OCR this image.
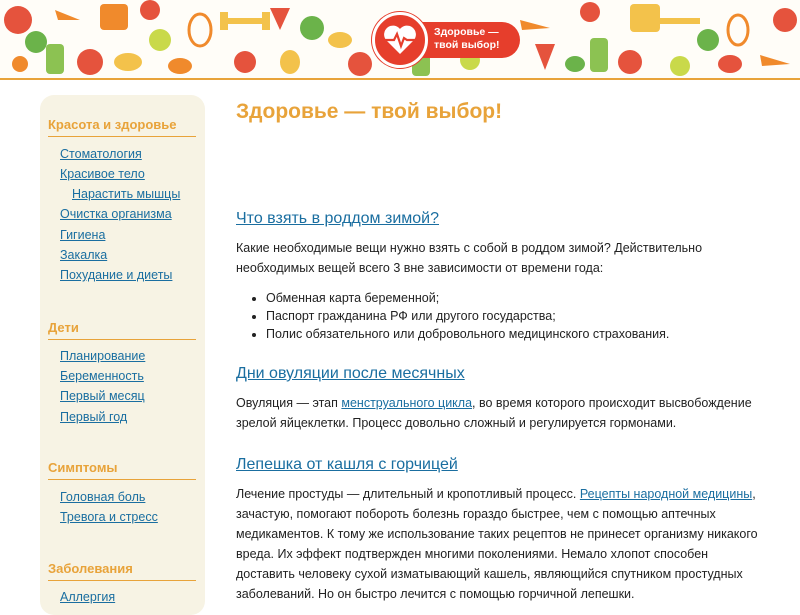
Здоровье —
твой выбор!
Красота и здоровье
Стоматология
Красивое тело
Нарастить мышцы
Очистка организма
Гигиена
Закалка
Похудание и диеты
Дети
Планирование
Беременность
Первый месяц
Первый год
Симптомы
Головная боль
Тревога и стресс
Заболевания
Аллергия
Здоровье — твой выбор!
Что взять в роддом зимой?

Какие необходимые вещи нужно взять с собой в роддом зимой? Действительно необходимых вещей всего 3 вне зависимости от времени года:

• Обменная карта беременной;
• Паспорт гражданина РФ или другого государства;
• Полис обязательного или добровольного медицинского страхования.
Дни овуляции после месячных

Овуляция — этап менструального цикла, во время которого происходит высвобождение зрелой яйцеклетки. Процесс довольно сложный и регулируется гормонами.

Лепешка от кашля с горчицей

Лечение простуды — длительный и кропотливый процесс. Рецепты народной медицины, зачастую, помогают побороть болезнь гораздо быстрее, чем с помощью аптечных медикаментов. К тому же использование таких рецептов не принесет организму никакого вреда. Их эффект подтвержден многими поколениями. Немало хлопот способен доставить человеку сухой изматывающий кашель, являющийся спутником простудных заболеваний. Но он быстро лечится с помощью горчичной лепешки.
